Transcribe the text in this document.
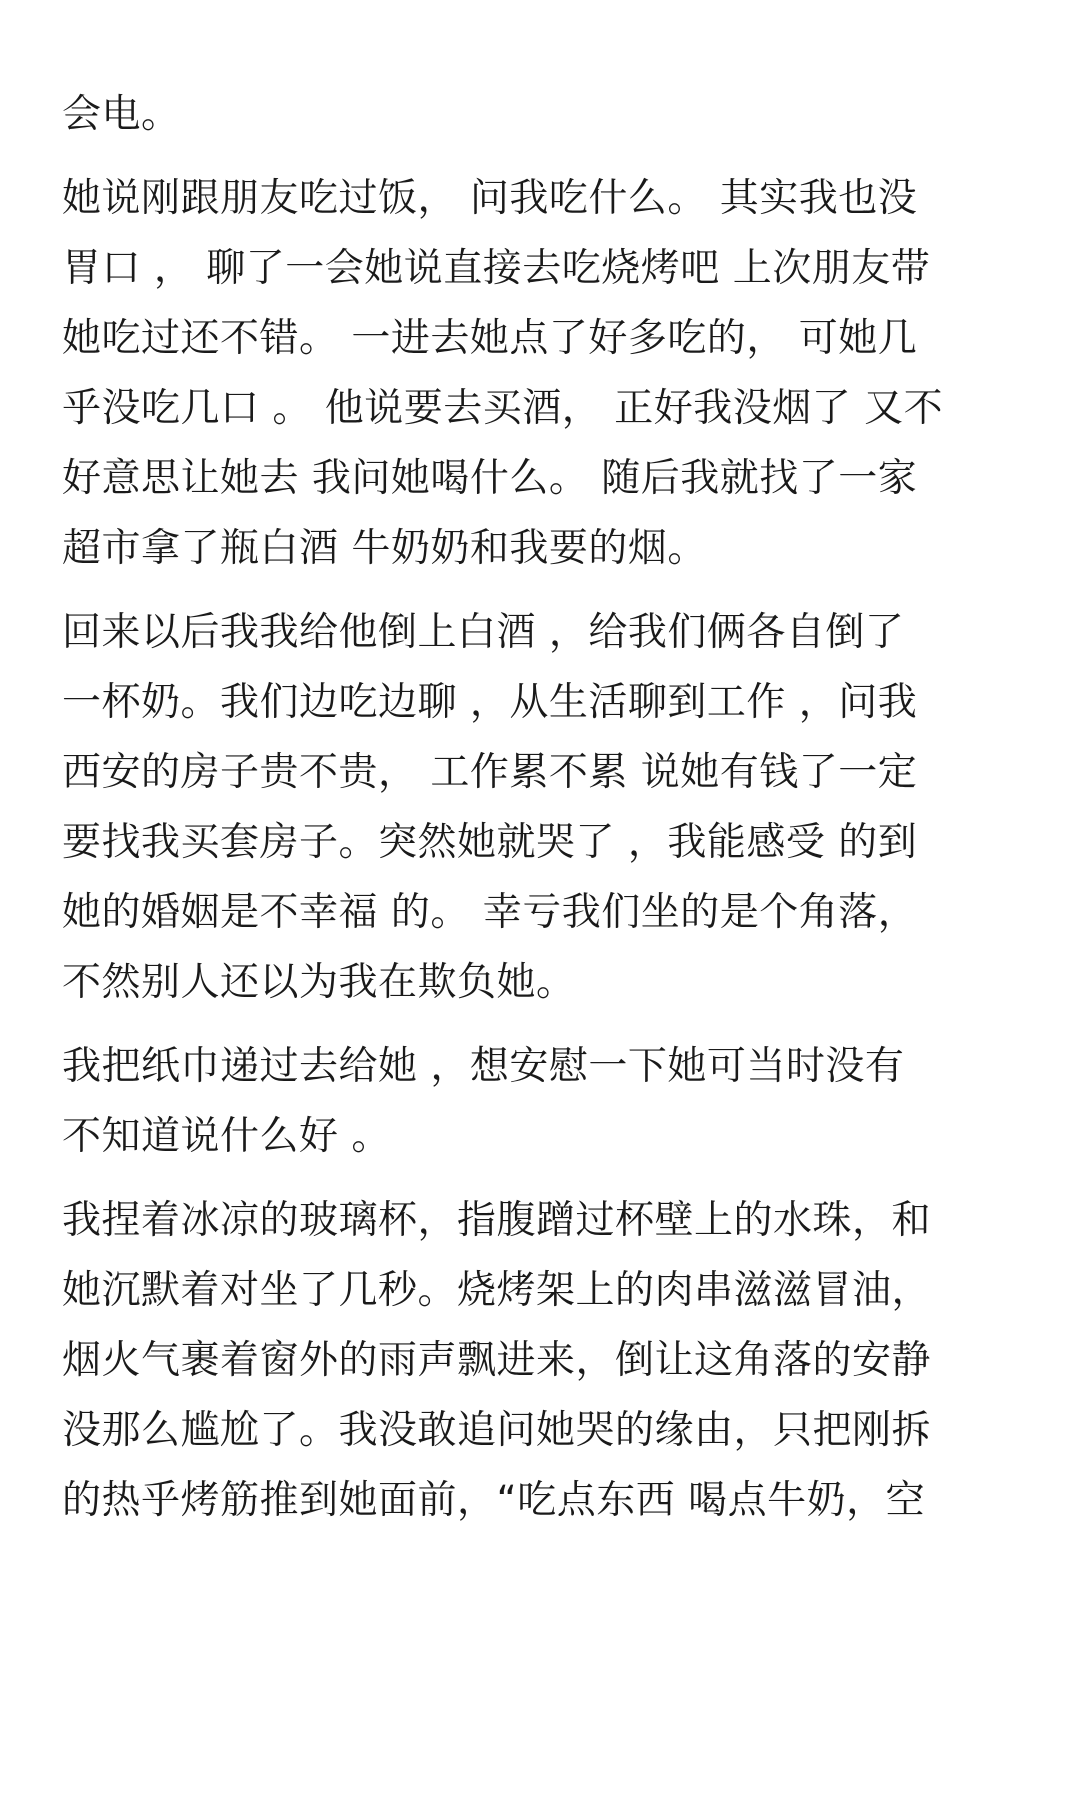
会电。
她说刚跟朋友吃过饭， 问我吃什么。 其实我也没
胃口 ， 聊了一会她说直接去吃烧烤吧 上次朋友带
她吃过还不错。 一进去她点了好多吃的， 可她几
乎没吃几口 。 他说要去买酒， 正好我没烟了 又不
好意思让她去 我问她喝什么。 随后我就找了一家
超市拿了瓶白酒 牛奶奶和我要的烟。
回来以后我我给他倒上白酒 ，给我们俩各自倒了
一杯奶。我们边吃边聊 ，从生活聊到工作 ，问我
西安的房子贵不贵， 工作累不累 说她有钱了一定
要找我买套房子。突然她就哭了 ，我能感受 的到
她的婚姻是不幸福 的。 幸亏我们坐的是个角落，
不然别人还以为我在欺负她。
我把纸巾递过去给她 ，想安慰一下她可当时没有
不知道说什么好 。
我捏着冰凉的玻璃杯，指腹蹭过杯壁上的水珠，和
她沉默着对坐了几秒。烧烤架上的肉串滋滋冒油，
烟火气裹着窗外的雨声飘进来，倒让这角落的安静
没那么尴尬了。我没敢追问她哭的缘由，只把刚拆
的热乎烤筋推到她面前，“吃点东西 喝点牛奶，空
